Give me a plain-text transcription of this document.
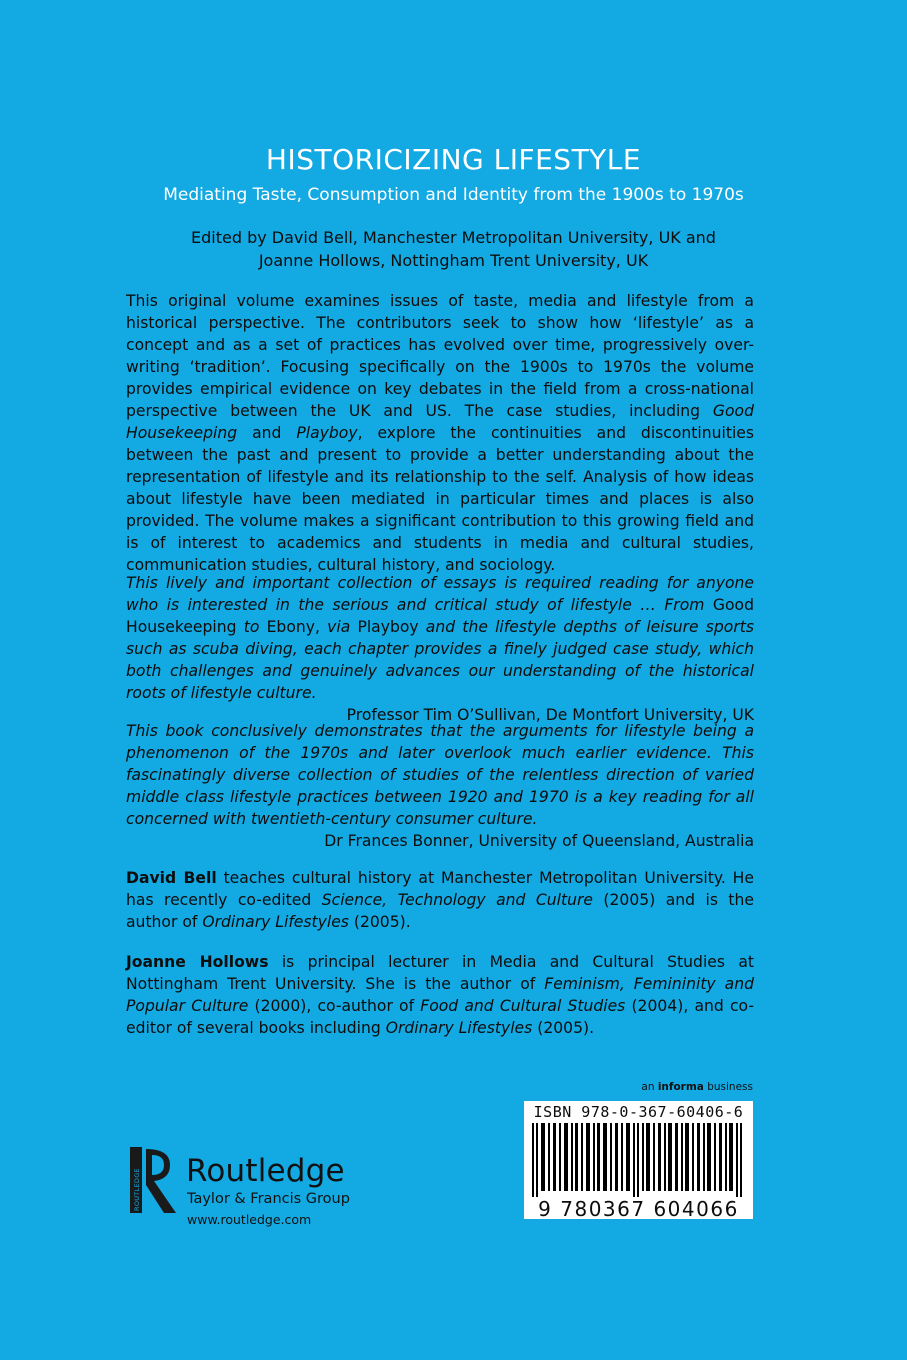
HISTORICIZING LIFESTYLE

Mediating Taste, Consumption and Identity from the 1900s to 1970s

Edited by David Bell, Manchester Metropolitan University, UK and
Joanne Hollows, Nottingham Trent University, UK

This original volume examines issues of taste, media and lifestyle from a historical perspective. The contributors seek to show how ‘lifestyle’ as a concept and as a set of practices has evolved over time, progressively over-writing ‘tradition’. Focusing specifically on the 1900s to 1970s the volume provides empirical evidence on key debates in the field from a cross-national perspective between the UK and US. The case studies, including Good Housekeeping and Playboy, explore the continuities and discontinuities between the past and present to provide a better understanding about the representation of lifestyle and its relationship to the self. Analysis of how ideas about lifestyle have been mediated in particular times and places is also provided. The volume makes a significant contribution to this growing field and is of interest to academics and students in media and cultural studies, communication studies, cultural history, and sociology.

This lively and important collection of essays is required reading for anyone who is interested in the serious and critical study of lifestyle … From Good Housekeeping to Ebony, via Playboy and the lifestyle depths of leisure sports such as scuba diving, each chapter provides a finely judged case study, which both challenges and genuinely advances our understanding of the historical roots of lifestyle culture.

Professor Tim O’Sullivan, De Montfort University, UK

This book conclusively demonstrates that the arguments for lifestyle being a phenomenon of the 1970s and later overlook much earlier evidence. This fascinatingly diverse collection of studies of the relentless direction of varied middle class lifestyle practices between 1920 and 1970 is a key reading for all concerned with twentieth-century consumer culture.

Dr Frances Bonner, University of Queensland, Australia

David Bell teaches cultural history at Manchester Metropolitan University. He has recently co-edited Science, Technology and Culture (2005) and is the author of Ordinary Lifestyles (2005).

Joanne Hollows is principal lecturer in Media and Cultural Studies at Nottingham Trent University. She is the author of Feminism, Femininity and Popular Culture (2000), co-author of Food and Cultural Studies (2004), and co-editor of several books including Ordinary Lifestyles (2005).

an informa business
ISBN 978-0-367-60406-6
9 780367 604066
ROUTLEDGE Routledge
Taylor & Francis Group
www.routledge.com
